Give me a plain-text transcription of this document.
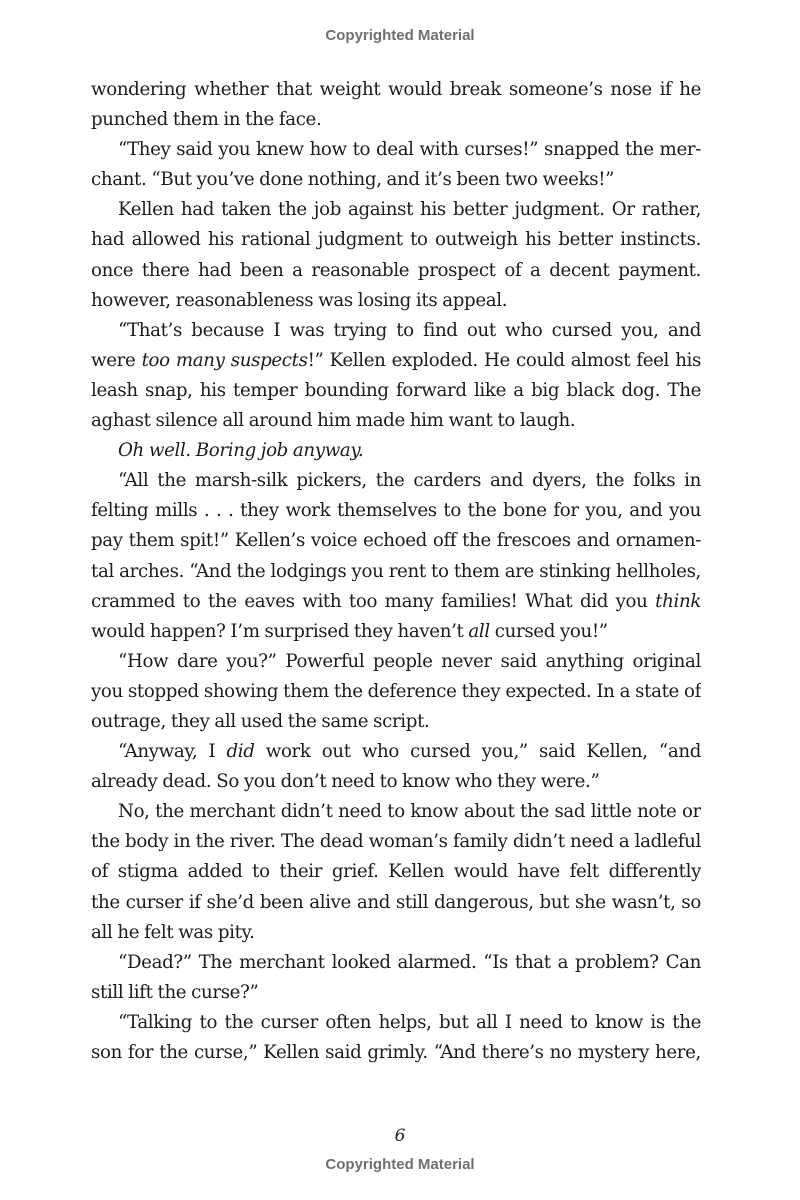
Copyrighted Material
wondering whether that weight would break someone’s nose if he
punched them in the face.
“They said you knew how to deal with curses!” snapped the mer-
chant. “But you’ve done nothing, and it’s been two weeks!”
Kellen had taken the job against his better judgment. Or rather,
had allowed his rational judgment to outweigh his better instincts.
once there had been a reasonable prospect of a decent payment.
however, reasonableness was losing its appeal.
“That’s because I was trying to find out who cursed you, and
were too many suspects!” Kellen exploded. He could almost feel his
leash snap, his temper bounding forward like a big black dog. The
aghast silence all around him made him want to laugh.
Oh well. Boring job anyway.
“All the marsh-silk pickers, the carders and dyers, the folks in
felting mills . . . they work themselves to the bone for you, and you
pay them spit!” Kellen’s voice echoed off the frescoes and ornamen-
tal arches. “And the lodgings you rent to them are stinking hellholes,
crammed to the eaves with too many families! What did you think
would happen? I’m surprised they haven’t all cursed you!”
“How dare you?” Powerful people never said anything original
you stopped showing them the deference they expected. In a state of
outrage, they all used the same script.
“Anyway, I did work out who cursed you,” said Kellen, “and
already dead. So you don’t need to know who they were.”
No, the merchant didn’t need to know about the sad little note or
the body in the river. The dead woman’s family didn’t need a ladleful
of stigma added to their grief. Kellen would have felt differently
the curser if she’d been alive and still dangerous, but she wasn’t, so
all he felt was pity.
“Dead?” The merchant looked alarmed. “Is that a problem? Can
still lift the curse?”
“Talking to the curser often helps, but all I need to know is the
son for the curse,” Kellen said grimly. “And there’s no mystery here,
6
Copyrighted Material
